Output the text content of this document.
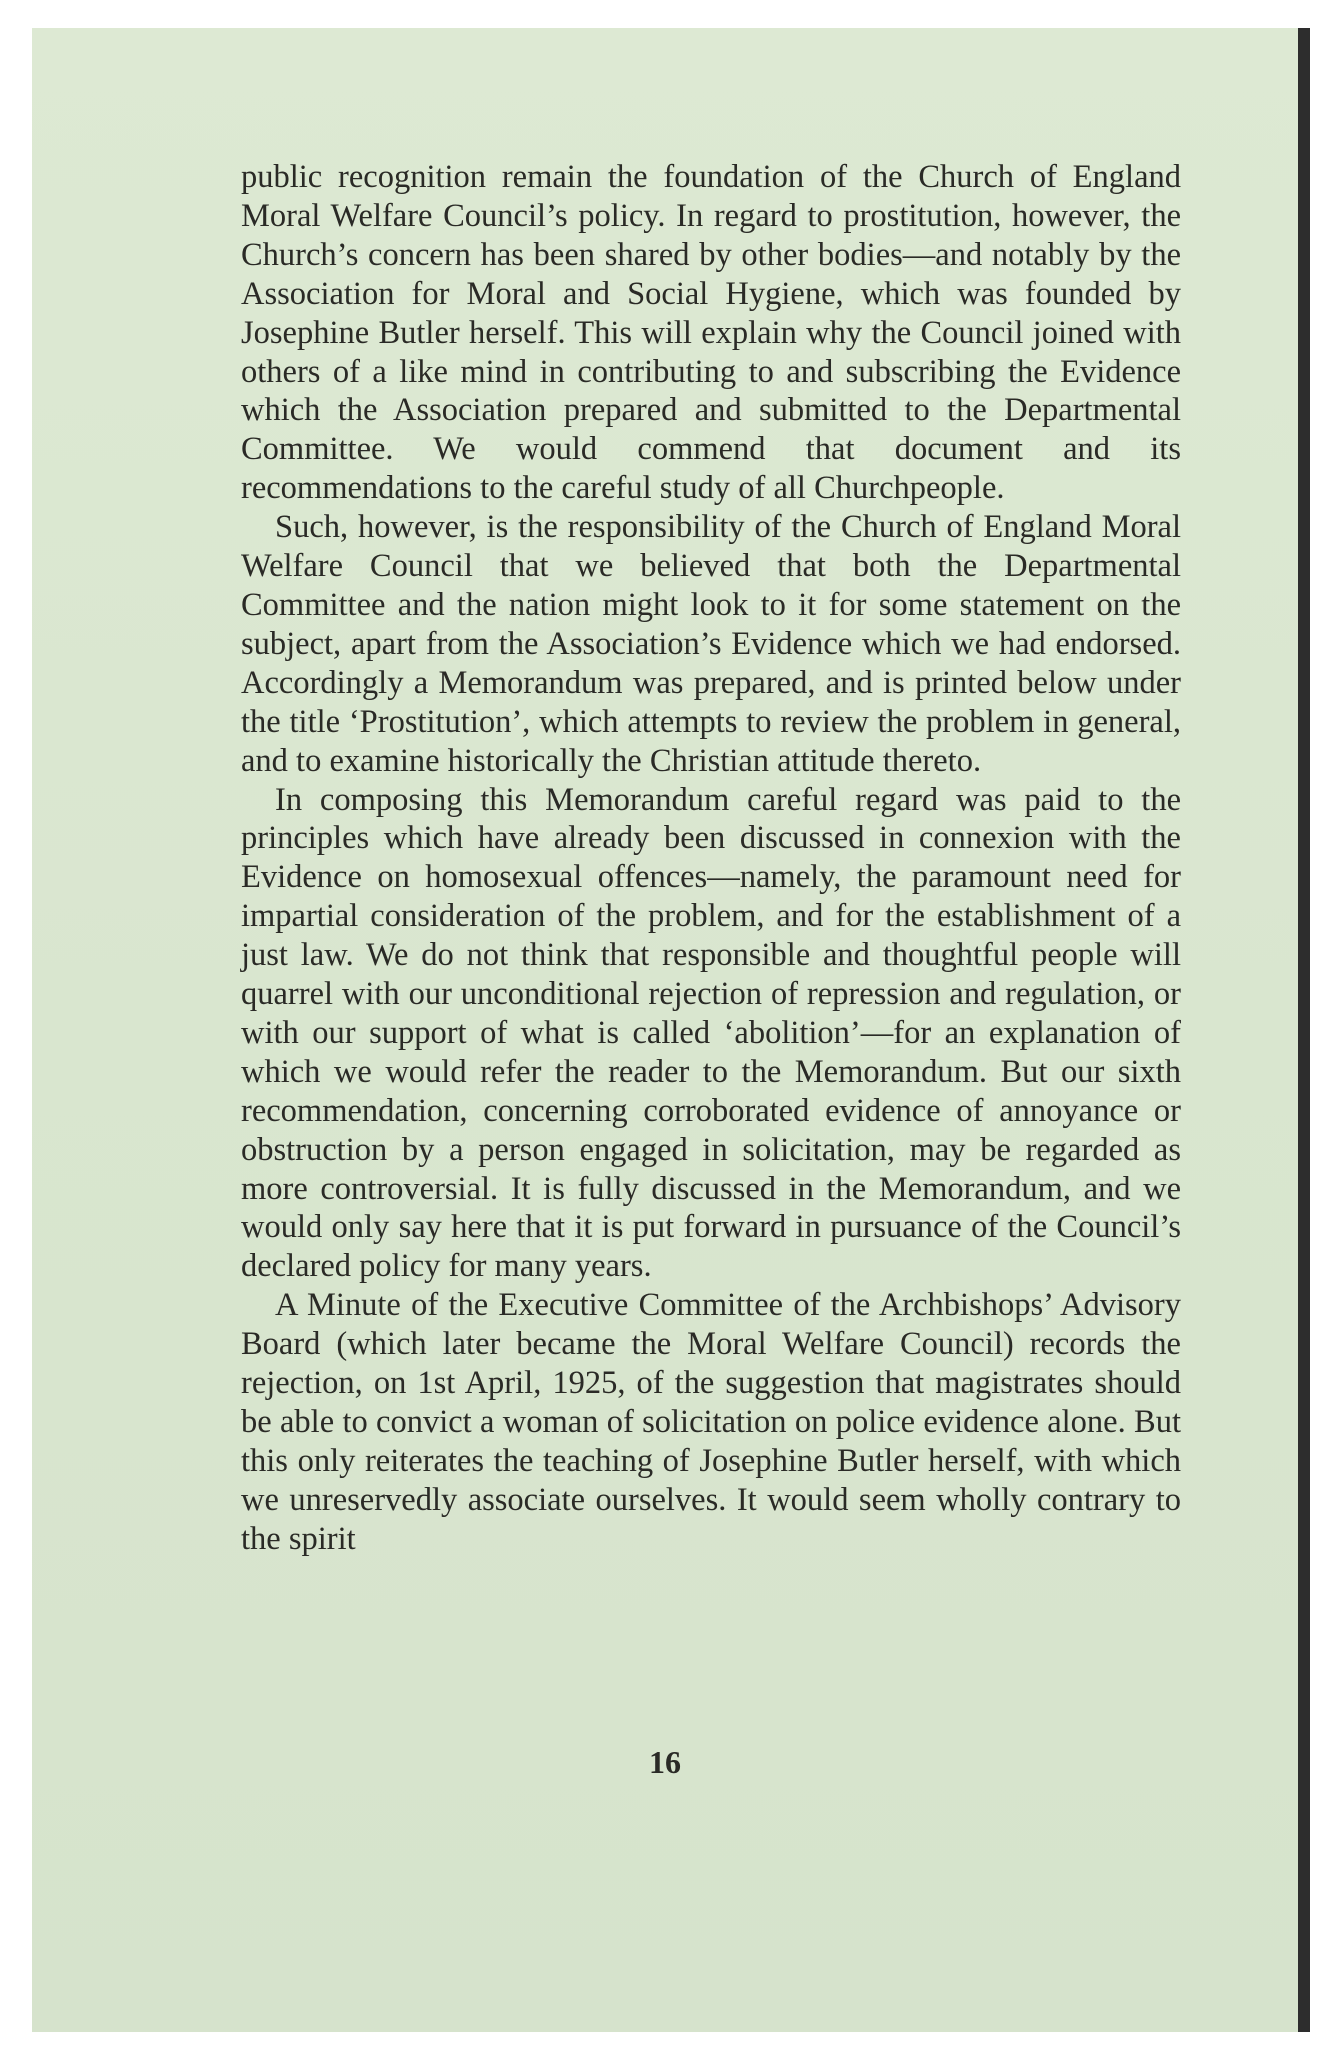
public recognition remain the foundation of the Church of England Moral Welfare Council’s policy. In regard to prostitution, however, the Church’s concern has been shared by other bodies—and notably by the Association for Moral and Social Hygiene, which was founded by Josephine Butler herself. This will explain why the Council joined with others of a like mind in contributing to and subscribing the Evidence which the Association prepared and submitted to the Departmental Committee. We would commend that document and its recommendations to the careful study of all Churchpeople.

Such, however, is the responsibility of the Church of England Moral Welfare Council that we believed that both the Departmental Committee and the nation might look to it for some statement on the subject, apart from the Association’s Evidence which we had endorsed. Accordingly a Memorandum was prepared, and is printed below under the title ‘Prostitution’, which attempts to review the problem in general, and to examine historically the Christian attitude thereto.

In composing this Memorandum careful regard was paid to the principles which have already been discussed in connexion with the Evidence on homosexual offences—namely, the paramount need for impartial consideration of the problem, and for the establishment of a just law. We do not think that responsible and thoughtful people will quarrel with our unconditional rejection of repression and regulation, or with our support of what is called ‘abolition’—for an explanation of which we would refer the reader to the Memorandum. But our sixth recommendation, concerning corroborated evidence of annoyance or obstruction by a person engaged in solicitation, may be regarded as more controversial. It is fully discussed in the Memorandum, and we would only say here that it is put forward in pursuance of the Council’s declared policy for many years.

A Minute of the Executive Committee of the Archbishops’ Advisory Board (which later became the Moral Welfare Council) records the rejection, on 1st April, 1925, of the suggestion that magistrates should be able to convict a woman of solicitation on police evidence alone. But this only reiterates the teaching of Josephine Butler herself, with which we unreservedly associate ourselves. It would seem wholly contrary to the spirit

16
